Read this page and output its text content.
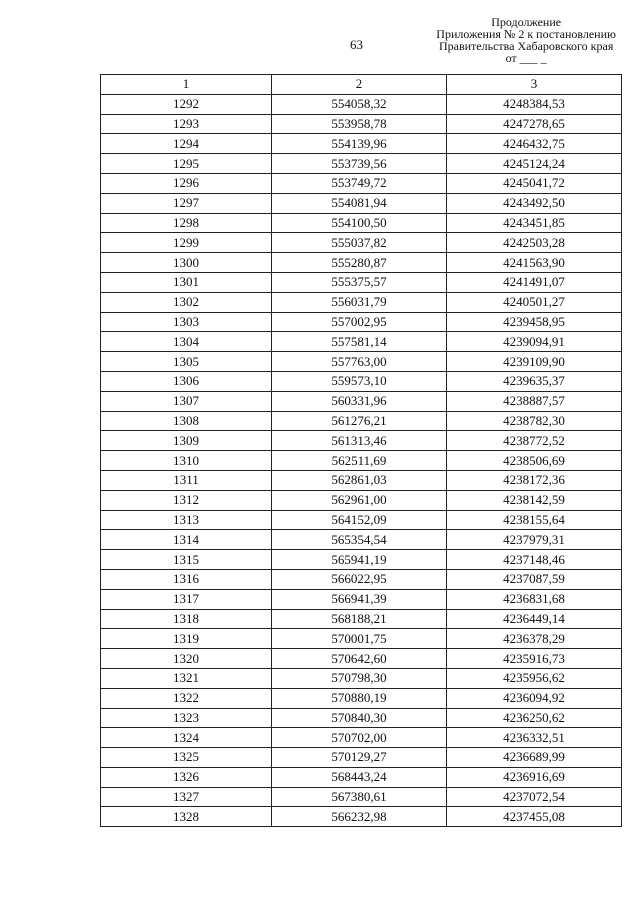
63
Продолжение
Приложения № 2 к постановлению
Правительства Хабаровского края
от ___ _
1	2	3
1292	554058,32	4248384,53
1293	553958,78	4247278,65
1294	554139,96	4246432,75
1295	553739,56	4245124,24
1296	553749,72	4245041,72
1297	554081,94	4243492,50
1298	554100,50	4243451,85
1299	555037,82	4242503,28
1300	555280,87	4241563,90
1301	555375,57	4241491,07
1302	556031,79	4240501,27
1303	557002,95	4239458,95
1304	557581,14	4239094,91
1305	557763,00	4239109,90
1306	559573,10	4239635,37
1307	560331,96	4238887,57
1308	561276,21	4238782,30
1309	561313,46	4238772,52
1310	562511,69	4238506,69
1311	562861,03	4238172,36
1312	562961,00	4238142,59
1313	564152,09	4238155,64
1314	565354,54	4237979,31
1315	565941,19	4237148,46
1316	566022,95	4237087,59
1317	566941,39	4236831,68
1318	568188,21	4236449,14
1319	570001,75	4236378,29
1320	570642,60	4235916,73
1321	570798,30	4235956,62
1322	570880,19	4236094,92
1323	570840,30	4236250,62
1324	570702,00	4236332,51
1325	570129,27	4236689,99
1326	568443,24	4236916,69
1327	567380,61	4237072,54
1328	566232,98	4237455,08
